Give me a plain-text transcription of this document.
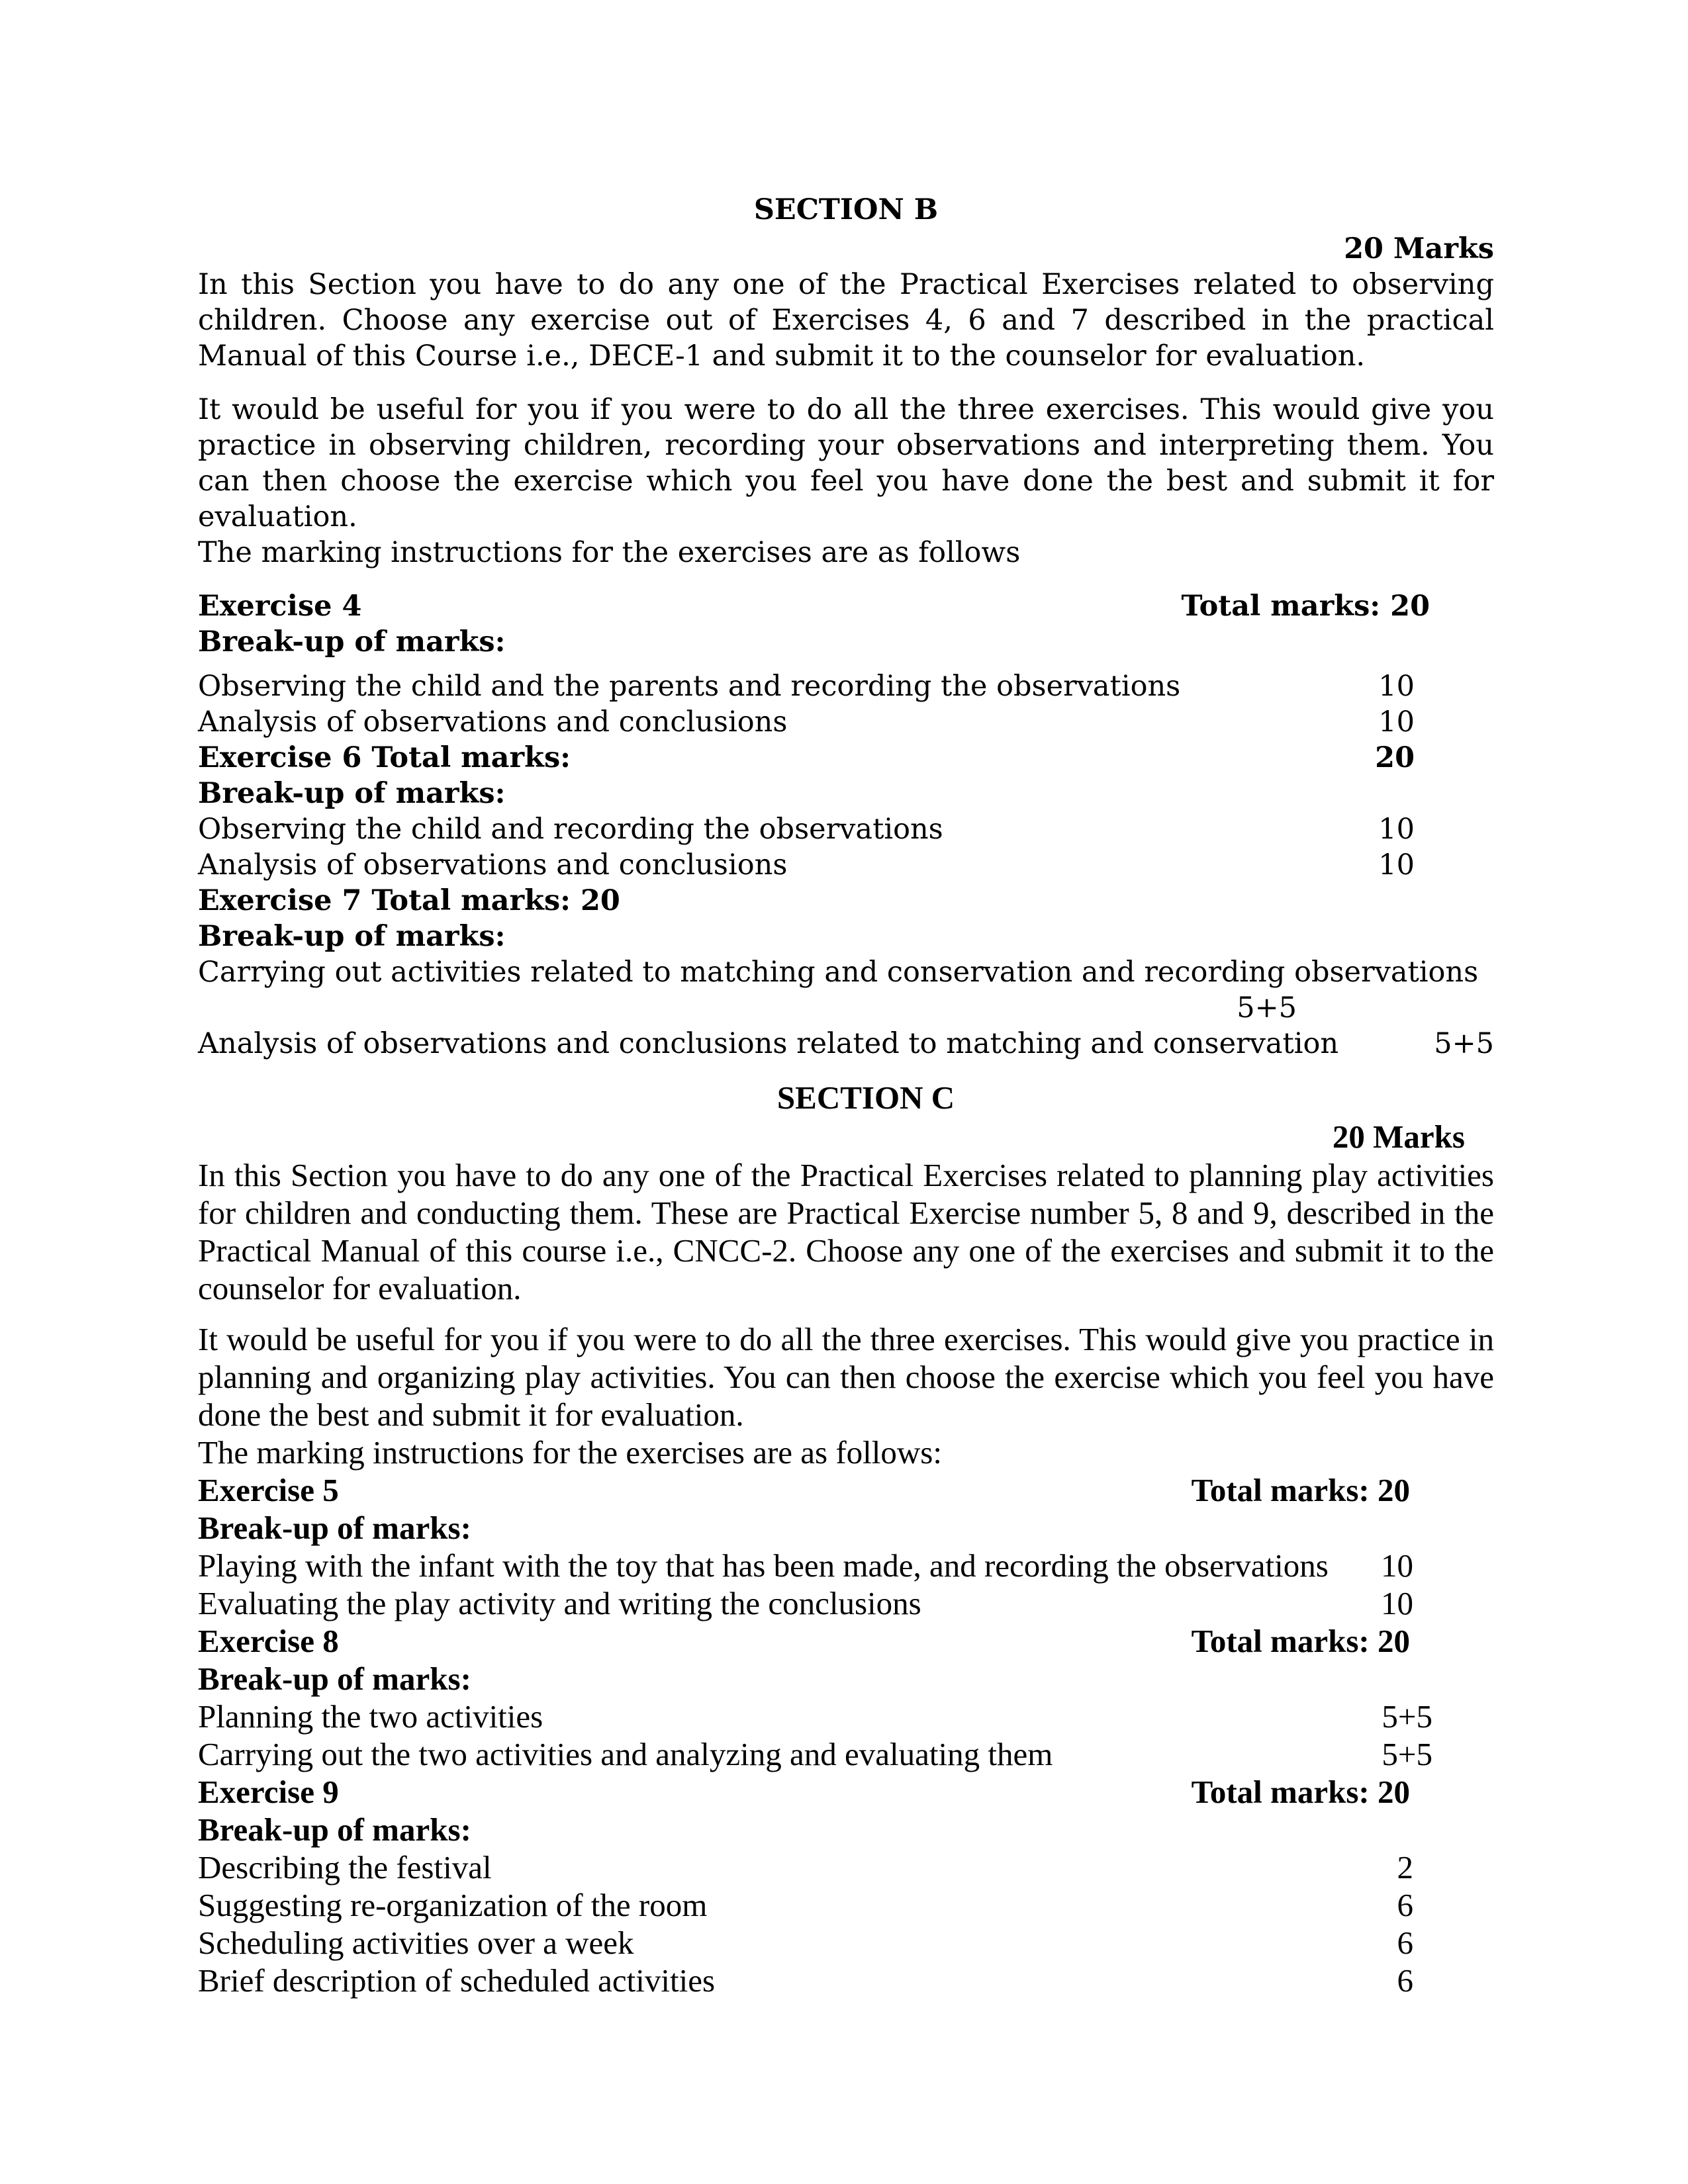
SECTION B
20 Marks

In this Section you have to do any one of the Practical Exercises related to observing children. Choose any exercise out of Exercises 4, 6 and 7 described in the practical Manual of this Course i.e., DECE-1 and submit it to the counselor for evaluation.

It would be useful for you if you were to do all the three exercises. This would give you practice in observing children, recording your observations and interpreting them. You can then choose the exercise which you feel you have done the best and submit it for evaluation.

The marking instructions for the exercises are as follows

Exercise 4	Total marks: 20
Break-up of marks:
Observing the child and the parents and recording the observations	10
Analysis of observations and conclusions	10
Exercise 6 Total marks:	20
Break-up of marks:
Observing the child and recording the observations	10
Analysis of observations and conclusions	10
Exercise 7 Total marks: 20
Break-up of marks:
Carrying out activities related to matching and conservation and recording observations
5+5
Analysis of observations and conclusions related to matching and conservation	5+5
SECTION C
20 Marks

In this Section you have to do any one of the Practical Exercises related to planning play activities for children and conducting them. These are Practical Exercise number 5, 8 and 9, described in the Practical Manual of this course i.e., CNCC-2. Choose any one of the exercises and submit it to the counselor for evaluation.

It would be useful for you if you were to do all the three exercises. This would give you practice in planning and organizing play activities. You can then choose the exercise which you feel you have done the best and submit it for evaluation.

The marking instructions for the exercises are as follows:

Exercise 5	Total marks: 20
Break-up of marks:
Playing with the infant with the toy that has been made, and recording the observations 10
Evaluating the play activity and writing the conclusions	10
Exercise 8	Total marks: 20
Break-up of marks:
Planning the two activities	5+5
Carrying out the two activities and analyzing and evaluating them	5+5
Exercise 9	Total marks: 20
Break-up of marks:
Describing the festival	2
Suggesting re-organization of the room	6
Scheduling activities over a week	6
Brief description of scheduled activities	6
